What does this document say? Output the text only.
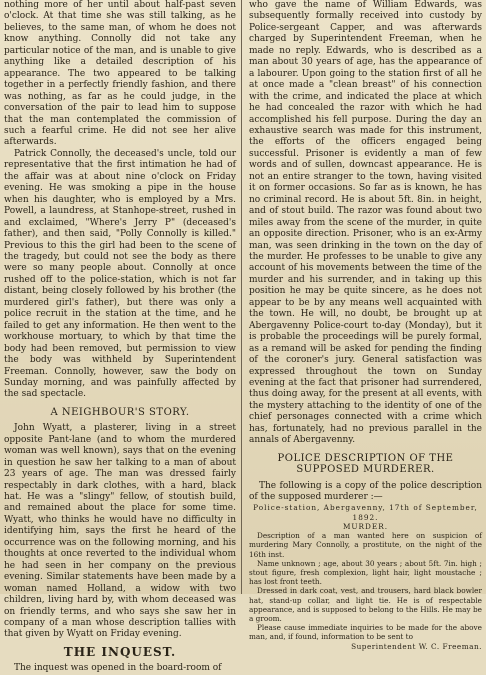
nothing more of her until about half-past seven o'clock. At that time she was still talking, as he believes, to the same man, of whom he does not know anything. Connolly did not take any particular notice of the man, and is unable to give anything like a detailed description of his appearance. The two appeared to be talking together in a perfectly friendly fashion, and there was nothing, as far as he could judge, in the conversation of the pair to lead him to suppose that the man contemplated the commission of such a fearful crime. He did not see her alive afterwards.

Patrick Connolly, the deceased's uncle, told our representative that the first intimation he had of the affair was at about nine o'clock on Friday evening. He was smoking a pipe in the house when his daughter, who is employed by a Mrs. Powell, a laundress, at Stanhope-street, rushed in and exclaimed, "Where's Jerry P" (deceased's father), and then said, "Polly Connolly is killed." Previous to this the girl had been to the scene of the tragedy, but could not see the body as there were so many people about. Connolly at once rushed off to the police-station, which is not far distant, being closely followed by his brother (the murdered girl's father), but there was only a police recruit in the station at the time, and he failed to get any information. He then went to the workhouse mortuary, to which by that time the body had been removed, but permission to view the body was withheld by Superintendent Freeman. Connolly, however, saw the body on Sunday morning, and was painfully affected by the sad spectacle.

A NEIGHBOUR'S STORY.

John Wyatt, a plasterer, living in a street opposite Pant-lane (and to whom the murdered woman was well known), says that on the evening in question he saw her talking to a man of about 23 years of age. The man was dressed fairly respectably in dark clothes, with a hard, black hat. He was a "slingy" fellow, of stoutish build, and remained about the place for some time. Wyatt, who thinks he would have no difficulty in identifying him, says the first he heard of the occurrence was on the following morning, and his thoughts at once reverted to the individual whom he had seen in her company on the previous evening. Similar statements have been made by a woman named Holland, a widow with two children, living hard by, with whom deceased was on friendly terms, and who says she saw her in company of a man whose description tallies with that given by Wyatt on Friday evening.

THE INQUEST.

The inquest was opened in the board-room of

who gave the name of William Edwards, was subsequently formally received into custody by Police-sergeant Capper, and was afterwards charged by Superintendent Freeman, when he made no reply. Edwards, who is described as a man about 30 years of age, has the appearance of a labourer. Upon going to the station first of all he at once made a "clean breast" of his connection with the crime, and indicated the place at which he had concealed the razor with which he had accomplished his fell purpose. During the day an exhaustive search was made for this instrument, the efforts of the officers engaged being successful. Prisoner is evidently a man of few words and of sullen, downcast appearance. He is not an entire stranger to the town, having visited it on former occasions. So far as is known, he has no criminal record. He is about 5ft. 8in. in height, and of stout build. The razor was found about two miles away from the scene of the murder, in quite an opposite direction. Prisoner, who is an ex-Army man, was seen drinking in the town on the day of the murder. He professes to be unable to give any account of his movements between the time of the murder and his surrender, and in taking up this position he may be quite sincere, as he does not appear to be by any means well acquainted with the town. He will, no doubt, be brought up at Abergavenny Police-court to-day (Monday), but it is probable the proceedings will be purely formal, as a remand will be asked for pending the finding of the coroner's jury. General satisfaction was expressed throughout the town on Sunday evening at the fact that prisoner had surrendered, thus doing away, for the present at all events, with the mystery attaching to the identity of one of the chief personages connected with a crime which has, fortunately, had no previous parallel in the annals of Abergavenny.

POLICE DESCRIPTION OF THE SUPPOSED MURDERER.

The following is a copy of the police description of the supposed murderer :—

Police-station, Abergavenny, 17th of September, 1892.

MURDER.

Description of a man wanted here on suspicion of murdering Mary Connolly, a prostitute, on the night of the 16th inst.

Name unknown ; age, about 30 years ; about 5ft. 7in. high ; stout figure, fresh complexion, light hair, light moustache ; has lost front teeth.

Dressed in dark coat, vest, and trousers, hard black bowler hat, stand-up collar, and light tie. He is of respectable appearance, and is supposed to belong to the Hills. He may be a groom.

Please cause immediate inquiries to be made for the above man, and, if found, information to be sent to

Superintendent W. C. Freeman.
